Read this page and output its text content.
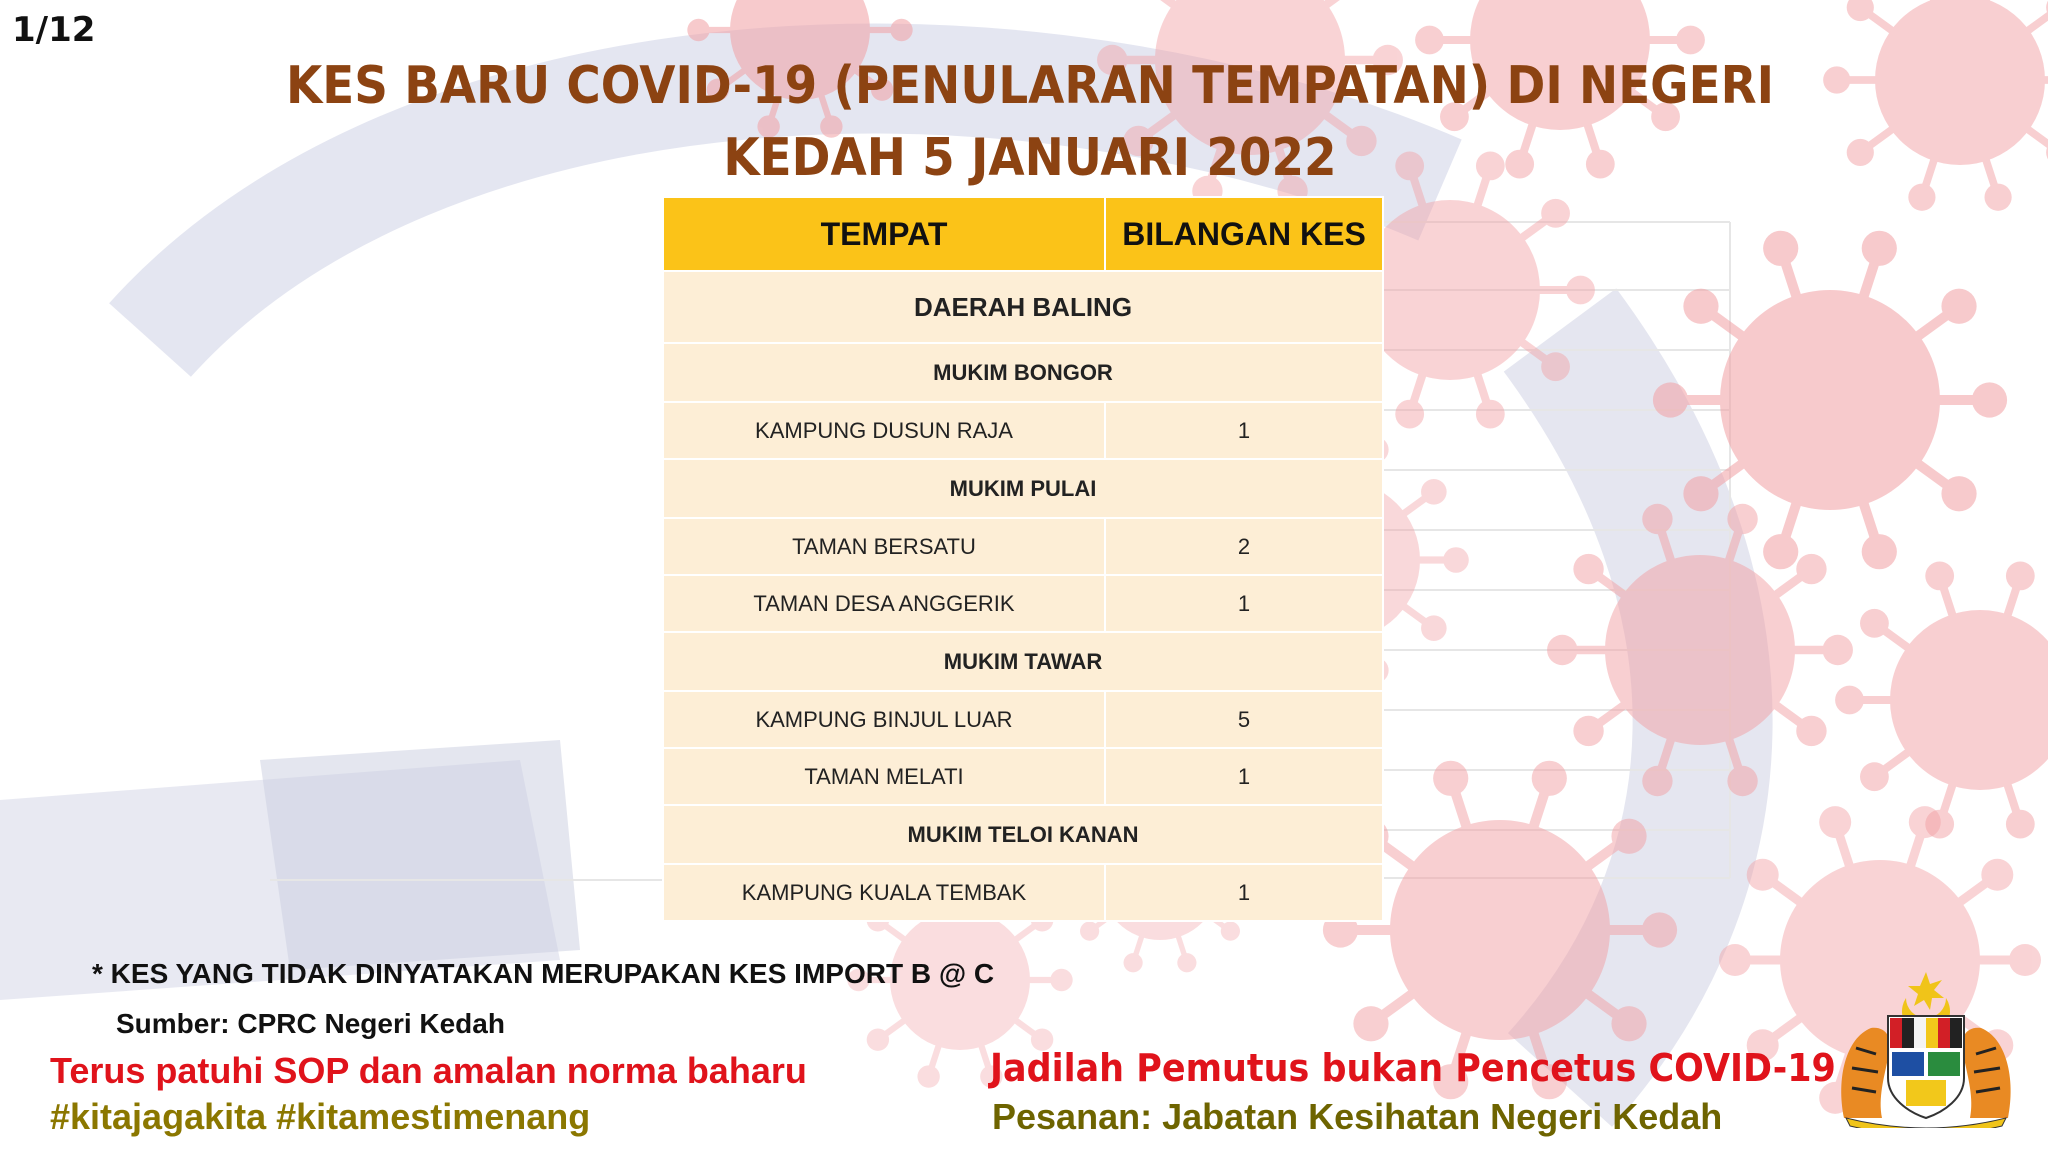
1/12
KES BARU COVID-19 (PENULARAN TEMPATAN) DI NEGERI
KEDAH 5 JANUARI 2022
TEMPAT	BILANGAN KES
DAERAH BALING	
MUKIM BONGOR	
KAMPUNG DUSUN RAJA	1
MUKIM PULAI	
TAMAN BERSATU	2
TAMAN DESA ANGGERIK	1
MUKIM TAWAR	
KAMPUNG BINJUL LUAR	5
TAMAN MELATI	1
MUKIM TELOI KANAN	
KAMPUNG KUALA TEMBAK	1
* KES YANG TIDAK DINYATAKAN MERUPAKAN KES IMPORT B @ C
Sumber: CPRC Negeri Kedah
Terus patuhi SOP dan amalan norma baharu
#kitajagakita #kitamestimenang
Jadilah Pemutus bukan Pencetus COVID-19
Pesanan: Jabatan Kesihatan Negeri Kedah
